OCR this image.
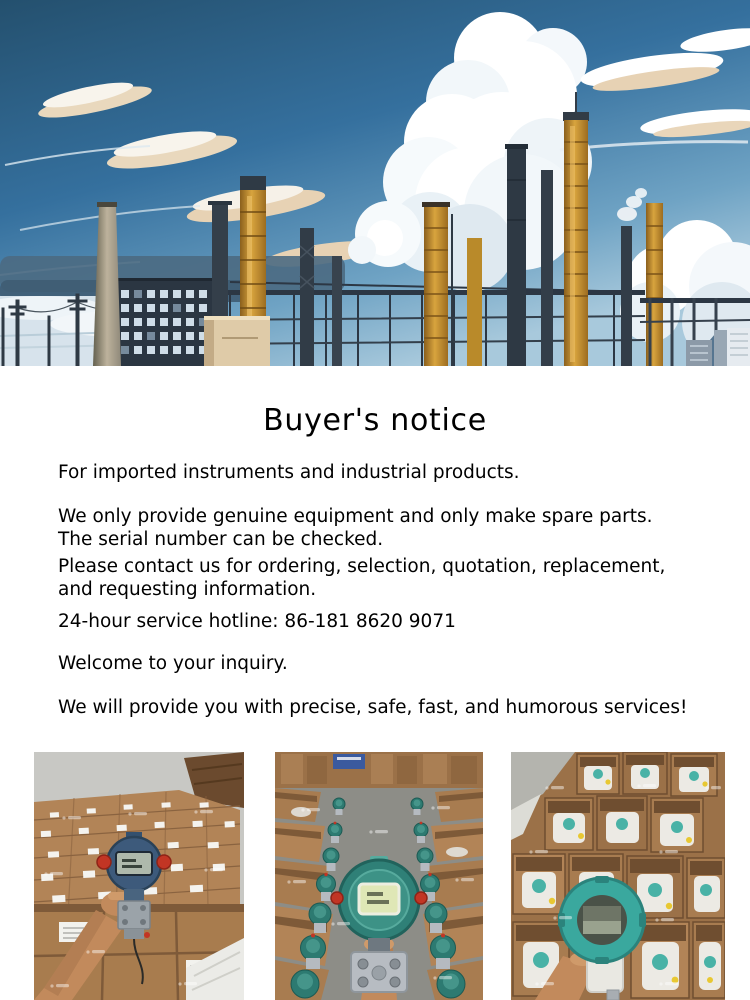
Buyer's notice

For imported instruments and industrial products.

We only provide genuine equipment and only make spare parts.
The serial number can be checked.

Please contact us for ordering, selection, quotation, replacement,
and requesting information.

24-hour service hotline: 86-181 8620 9071

Welcome to your inquiry.

We will provide you with precise, safe, fast, and humorous services!
